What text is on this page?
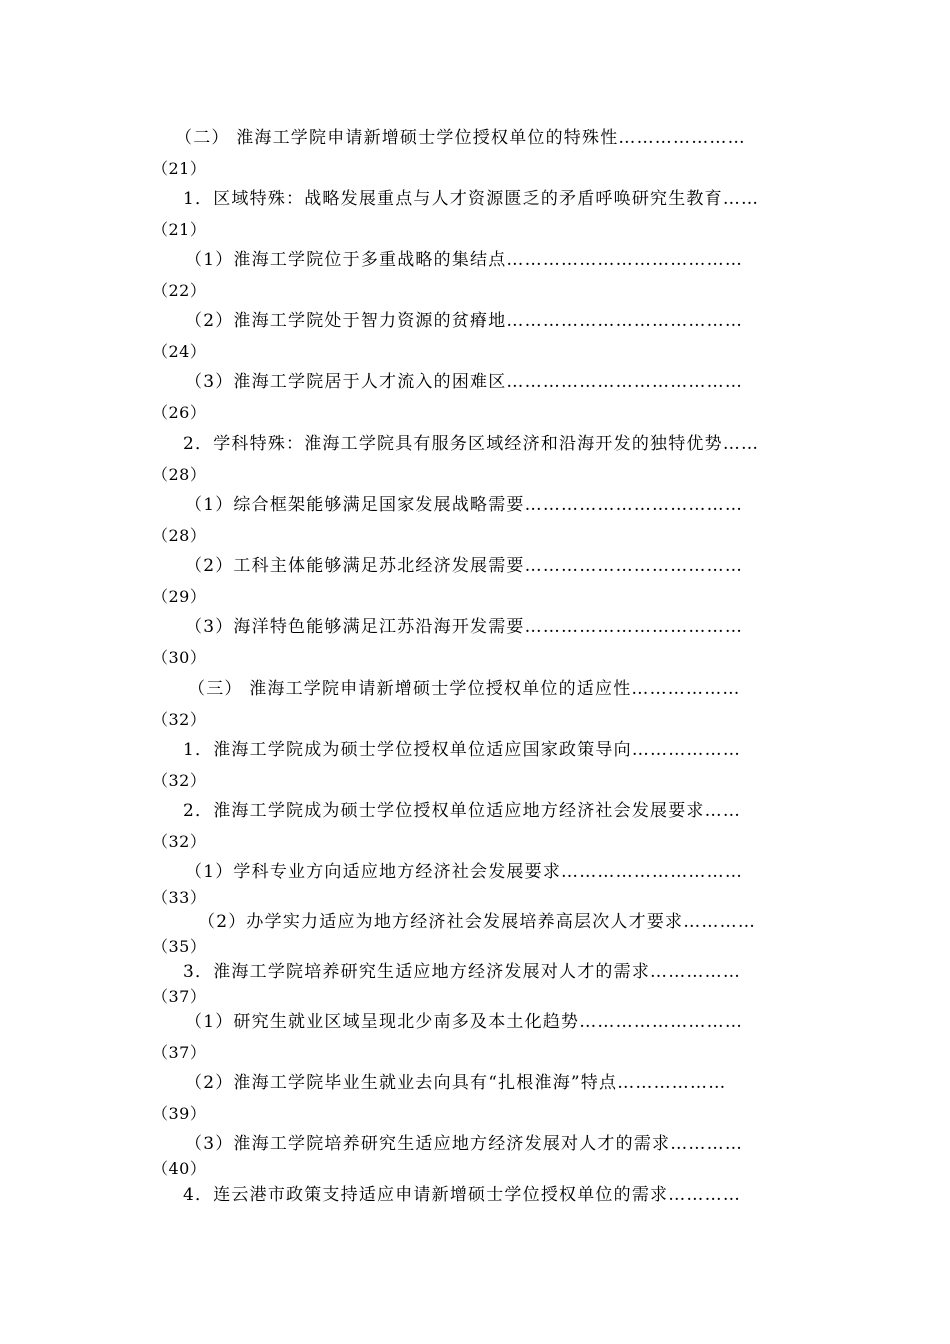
（二） 淮海工学院申请新增硕士学位授权单位的特殊性…………………
（21）
1．区域特殊：战略发展重点与人才资源匮乏的矛盾呼唤研究生教育……
（21）
（1）淮海工学院位于多重战略的集结点…………………………………
（22）
（2）淮海工学院处于智力资源的贫瘠地…………………………………
（24）
（3）淮海工学院居于人才流入的困难区…………………………………
（26）
2．学科特殊：淮海工学院具有服务区域经济和沿海开发的独特优势……
（28）
（1）综合框架能够满足国家发展战略需要………………………………
（28）
（2）工科主体能够满足苏北经济发展需要………………………………
（29）
（3）海洋特色能够满足江苏沿海开发需要………………………………
（30）
（三） 淮海工学院申请新增硕士学位授权单位的适应性………………
（32）
1．淮海工学院成为硕士学位授权单位适应国家政策导向………………
（32）
2．淮海工学院成为硕士学位授权单位适应地方经济社会发展要求……
（32）
（1）学科专业方向适应地方经济社会发展要求…………………………
（33）
（2）办学实力适应为地方经济社会发展培养高层次人才要求…………
（35）
3．淮海工学院培养研究生适应地方经济发展对人才的需求……………
（37）
（1）研究生就业区域呈现北少南多及本土化趋势………………………
（37）
（2）淮海工学院毕业生就业去向具有“扎根淮海”特点………………
（39）
（3）淮海工学院培养研究生适应地方经济发展对人才的需求…………
（40）
4．连云港市政策支持适应申请新增硕士学位授权单位的需求…………
